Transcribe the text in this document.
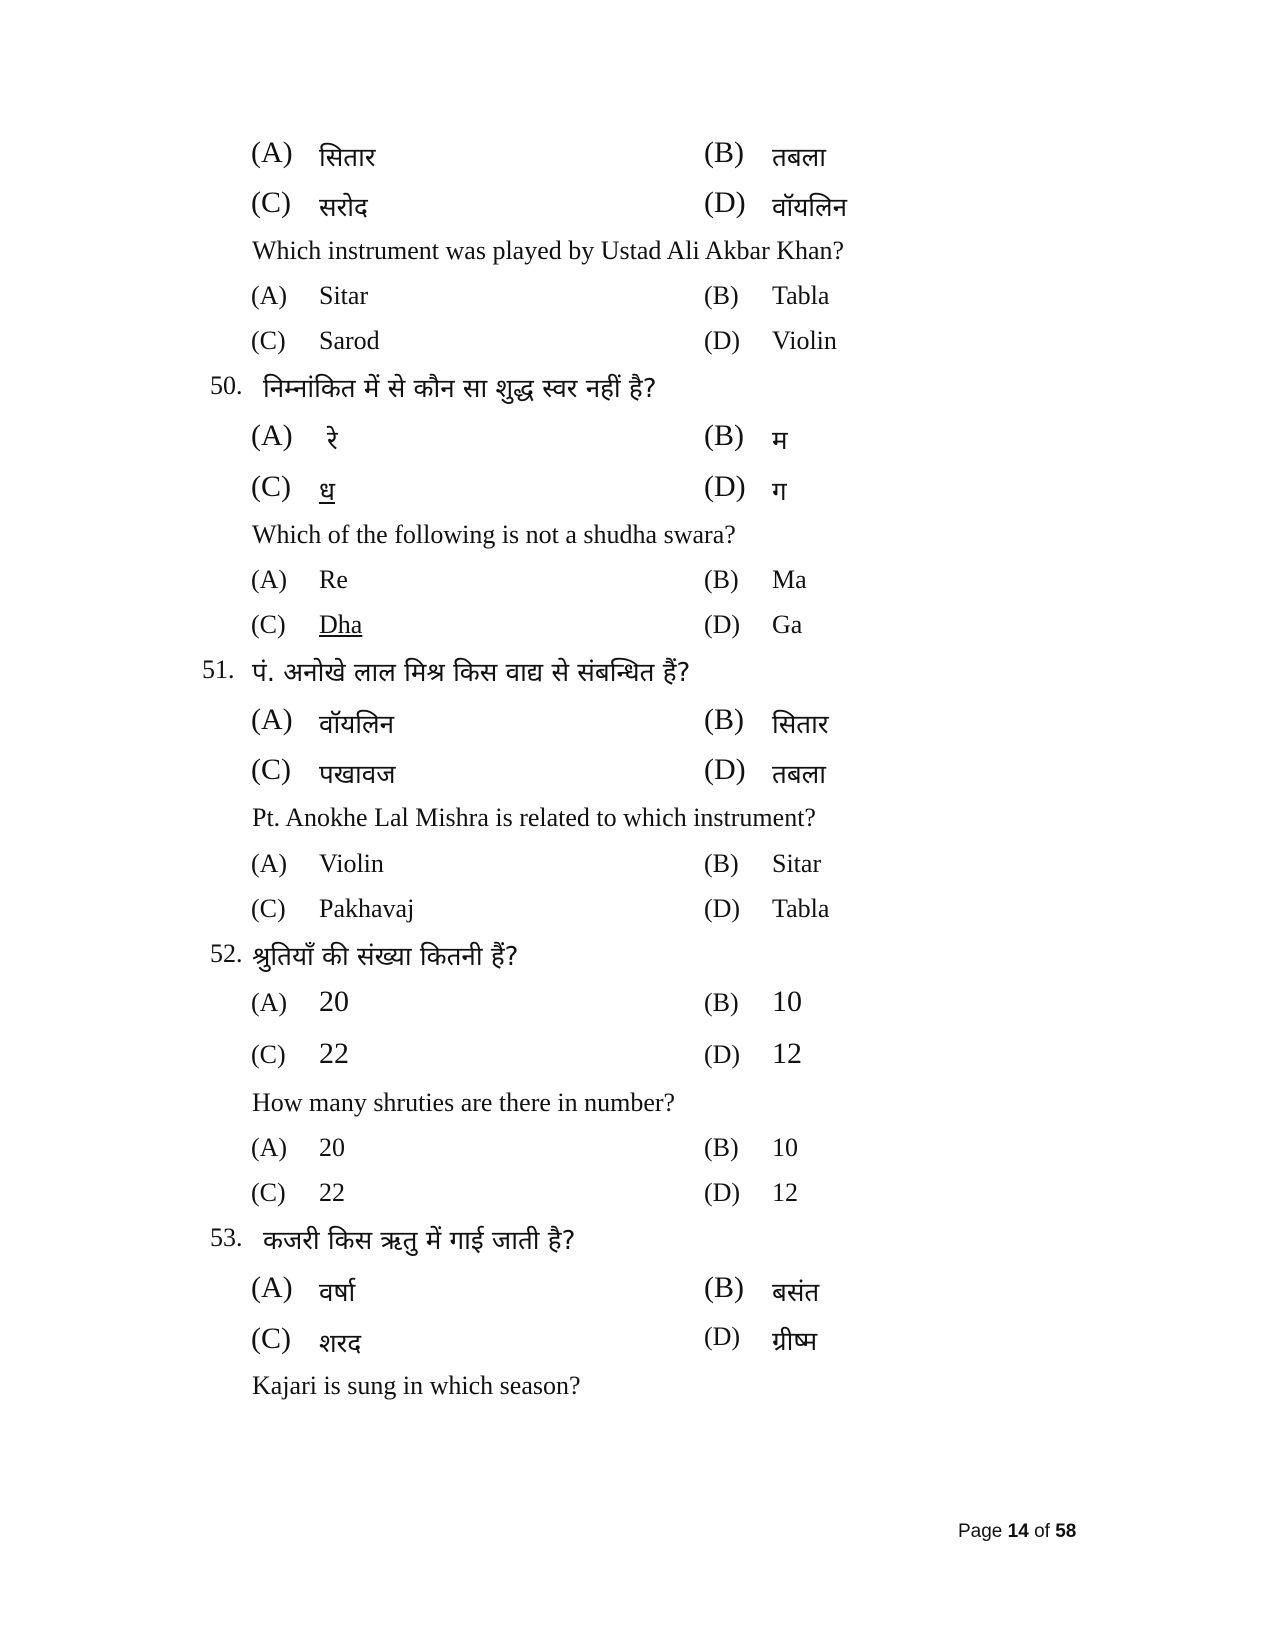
(A) सितार	(B) तबला
(C) सरोद	(D) वॉयलिन
Which instrument was played by Ustad Ali Akbar Khan?
(A) Sitar	(B) Tabla
(C) Sarod	(D) Violin
50. निम्नांकित में से कौन सा शुद्ध स्वर नहीं है?
(A) रे	(B) म
(C) ध	(D) ग
Which of the following is not a shudha swara?
(A) Re	(B) Ma
(C) Dha	(D) Ga
51. पं. अनोखे लाल मिश्र किस वाद्य से संबन्धित हैं?
(A) वॉयलिन	(B) सितार
(C) पखावज	(D) तबला
Pt. Anokhe Lal Mishra is related to which instrument?
(A) Violin	(B) Sitar
(C) Pakhavaj	(D) Tabla
52. श्रुतियाँ की संख्या कितनी हैं?
(A) 20	(B) 10
(C) 22	(D) 12
How many shruties are there in number?
(A) 20	(B) 10
(C) 22	(D) 12
53. कजरी किस ऋतु में गाई जाती है?
(A) वर्षा	(B) बसंत
(C) शरद	(D) ग्रीष्म
Kajari is sung in which season?
Page 14 of 58
